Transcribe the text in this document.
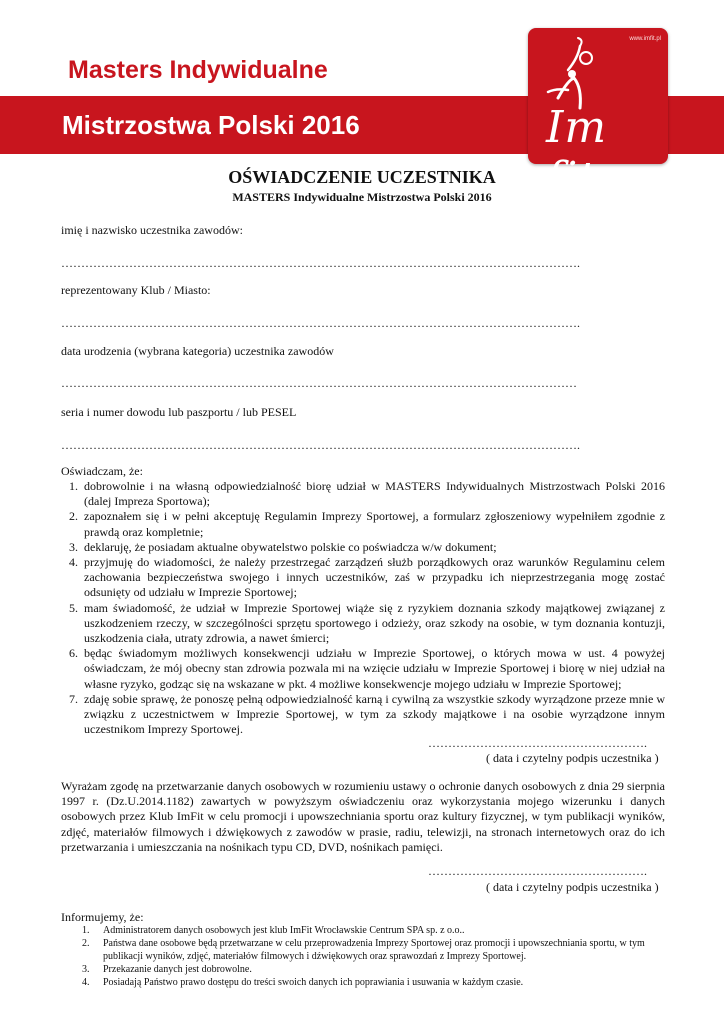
Masters Indywidualne
Mistrzostwa Polski 2016
www.imfit.pl
Im fit
OŚWIADCZENIE UCZESTNIKA
MASTERS Indywidualne Mistrzostwa Polski 2016
imię i nazwisko uczestnika zawodów:
………………………………………………………………………………………………………………….
reprezentowany Klub / Miasto:
………………………………………………………………………………………………………………….
data urodzenia (wybrana kategoria) uczestnika zawodów
…………………………………………………………………………………………………………………
seria i numer dowodu lub paszportu / lub PESEL
………………………………………………………………………………………………………………….
Oświadczam, że:
1. dobrowolnie i na własną odpowiedzialność biorę udział w MASTERS Indywidualnych Mistrzostwach Polski 2016 (dalej Impreza Sportowa);
2. zapoznałem się i w pełni akceptuję Regulamin Imprezy Sportowej, a formularz zgłoszeniowy wypełniłem zgodnie z prawdą oraz kompletnie;
3. deklaruję, że posiadam aktualne obywatelstwo polskie co poświadcza w/w dokument;
4. przyjmuję do wiadomości, że należy przestrzegać zarządzeń służb porządkowych oraz warunków Regulaminu celem zachowania bezpieczeństwa swojego i innych uczestników, zaś w przypadku ich nieprzestrzegania mogę zostać odsunięty od udziału w Imprezie Sportowej;
5. mam świadomość, że udział w Imprezie Sportowej wiąże się z ryzykiem doznania szkody majątkowej związanej z uszkodzeniem rzeczy, w szczególności sprzętu sportowego i odzieży, oraz szkody na osobie, w tym doznania kontuzji, uszkodzenia ciała, utraty zdrowia, a nawet śmierci;
6. będąc świadomym możliwych konsekwencji udziału w Imprezie Sportowej, o których mowa w ust. 4 powyżej oświadczam, że mój obecny stan zdrowia pozwala mi na wzięcie udziału w Imprezie Sportowej i biorę w niej udział na własne ryzyko, godząc się na wskazane w pkt. 4 możliwe konsekwencje mojego udziału w Imprezie Sportowej;
7. zdaję sobie sprawę, że ponoszę pełną odpowiedzialność karną i cywilną za wszystkie szkody wyrządzone przeze mnie w związku z uczestnictwem w Imprezie Sportowej, w tym za szkody majątkowe i na osobie wyrządzone innym uczestnikom Imprezy Sportowej.
……………………………………………….
( data i czytelny podpis uczestnika )
Wyrażam zgodę na przetwarzanie danych osobowych w rozumieniu ustawy o ochronie danych osobowych z dnia 29 sierpnia 1997 r. (Dz.U.2014.1182) zawartych w powyższym oświadczeniu oraz wykorzystania mojego wizerunku i danych osobowych przez Klub ImFit w celu promocji i upowszechniania sportu oraz kultury fizycznej, w tym publikacji wyników, zdjęć, materiałów filmowych i dźwiękowych z zawodów w prasie, radiu, telewizji, na stronach internetowych oraz do ich przetwarzania i umieszczania na nośnikach typu CD, DVD, nośnikach pamięci.
……………………………………………….
( data i czytelny podpis uczestnika )
Informujemy, że:
1. Administratorem danych osobowych jest klub ImFit Wrocławskie Centrum SPA sp. z o.o..
2. Państwa dane osobowe będą przetwarzane w celu przeprowadzenia Imprezy Sportowej oraz promocji i upowszechniania sportu, w tym publikacji wyników, zdjęć, materiałów filmowych i dźwiękowych oraz sprawozdań z Imprezy Sportowej.
3. Przekazanie danych jest dobrowolne.
4. Posiadają Państwo prawo dostępu do treści swoich danych ich poprawiania i usuwania w każdym czasie.
